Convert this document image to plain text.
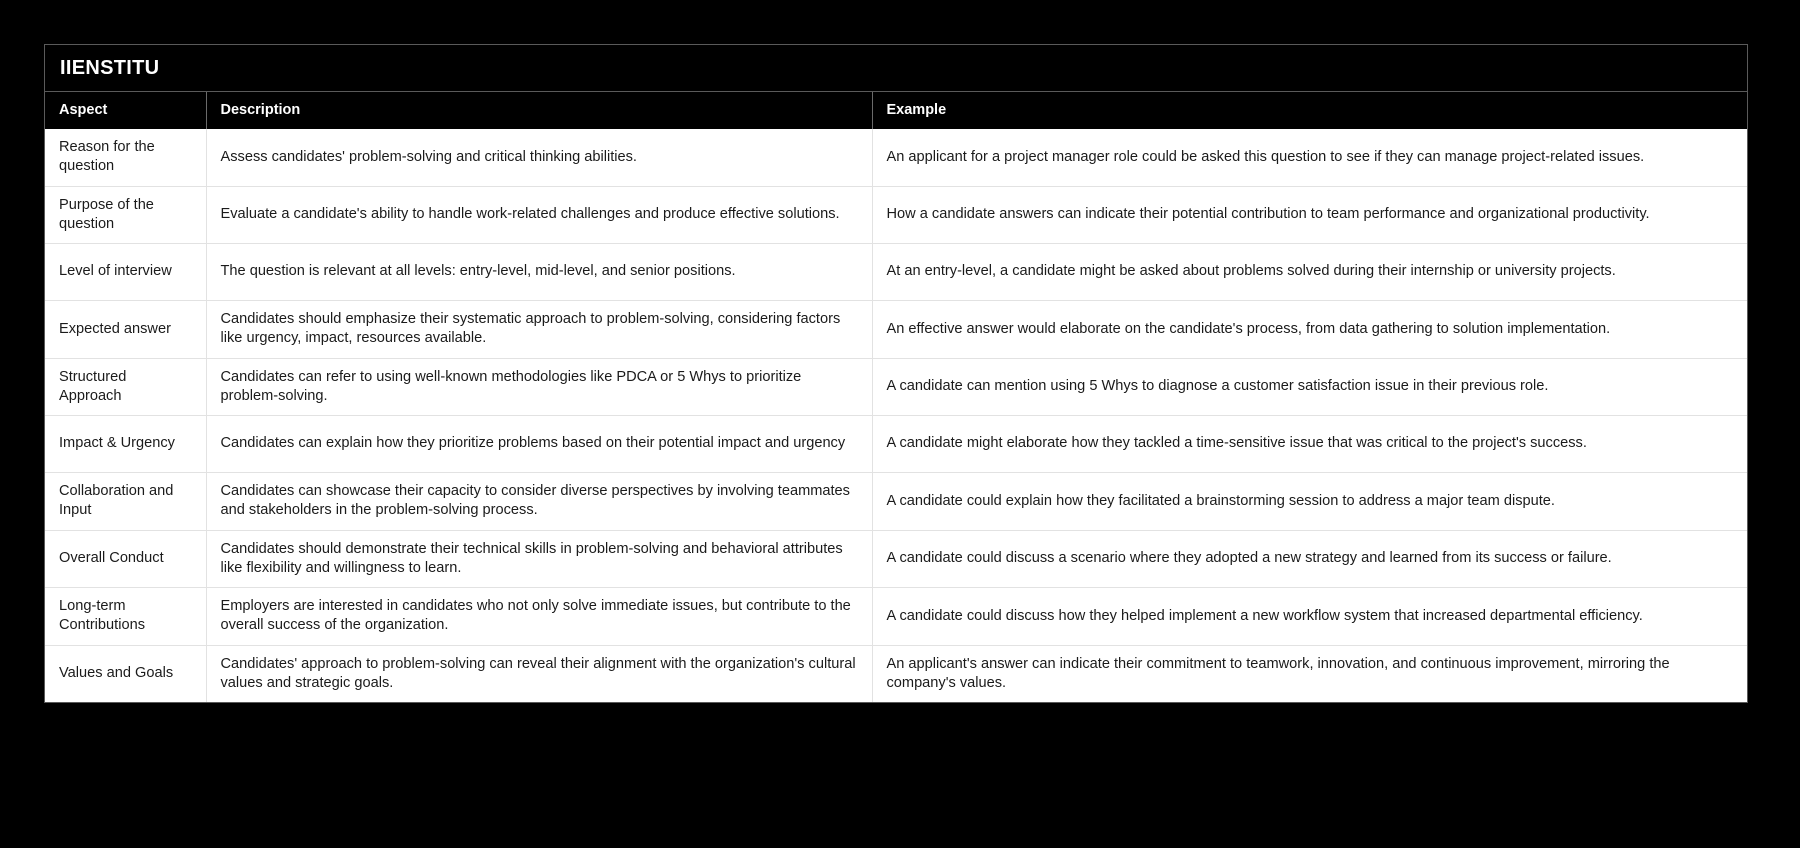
IIENSTITU
Aspect	Description	Example
Reason for the question	Assess candidates' problem-solving and critical thinking abilities.	An applicant for a project manager role could be asked this question to see if they can manage project-related issues.
Purpose of the question	Evaluate a candidate's ability to handle work-related challenges and produce effective solutions.	How a candidate answers can indicate their potential contribution to team performance and organizational productivity.
Level of interview	The question is relevant at all levels: entry-level, mid-level, and senior positions.	At an entry-level, a candidate might be asked about problems solved during their internship or university projects.
Expected answer	Candidates should emphasize their systematic approach to problem-solving, considering factors like urgency, impact, resources available.	An effective answer would elaborate on the candidate's process, from data gathering to solution implementation.
Structured Approach	Candidates can refer to using well-known methodologies like PDCA or 5 Whys to prioritize problem-solving.	A candidate can mention using 5 Whys to diagnose a customer satisfaction issue in their previous role.
Impact & Urgency	Candidates can explain how they prioritize problems based on their potential impact and urgency	A candidate might elaborate how they tackled a time-sensitive issue that was critical to the project's success.
Collaboration and Input	Candidates can showcase their capacity to consider diverse perspectives by involving teammates and stakeholders in the problem-solving process.	A candidate could explain how they facilitated a brainstorming session to address a major team dispute.
Overall Conduct	Candidates should demonstrate their technical skills in problem-solving and behavioral attributes like flexibility and willingness to learn.	A candidate could discuss a scenario where they adopted a new strategy and learned from its success or failure.
Long-term Contributions	Employers are interested in candidates who not only solve immediate issues, but contribute to the overall success of the organization.	A candidate could discuss how they helped implement a new workflow system that increased departmental efficiency.
Values and Goals	Candidates' approach to problem-solving can reveal their alignment with the organization's cultural values and strategic goals.	An applicant's answer can indicate their commitment to teamwork, innovation, and continuous improvement, mirroring the company's values.
